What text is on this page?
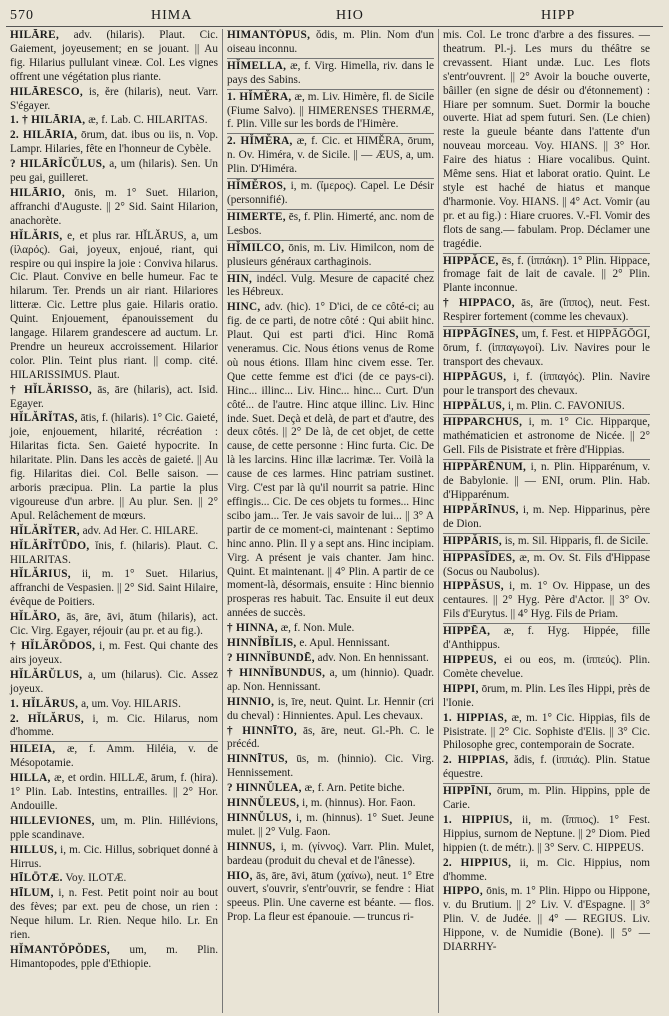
570	HIMA	HIO	HIPP

HILĀRE, adv. (hilaris). Plaut. Cic. Gaiement, joyeusement; en se jouant. || Au fig. Hilarius pullulant vineæ. Col. Les vignes offrent une végétation plus riante.

HILĀRESCO, is, ĕre (hilaris), neut. Varr. S'égayer.

1. † HILĀRIA, æ, f. Lab. C. HILARITAS.

2. HILĀRIA, ōrum, dat. ibus ou iis, n. Vop. Lampr. Hilaries, fête en l'honneur de Cybèle.

? HILĀRĬCŬLUS, a, um (hilaris). Sen. Un peu gai, guilleret.

HILĀRIO, ōnis, m. 1° Suet. Hilarion, affranchi d'Auguste. || 2° Sid. Saint Hilarion, anachorète.

HĬLĂRIS, e, et plus rar. HĬLĂRUS, a, um (ἱλαρός). Gai, joyeux, enjoué, riant, qui respire ou qui inspire la joie : Conviva hilarus. Cic. Plaut. Convive en belle humeur. Fac te hilarum. Ter. Prends un air riant. Hilariores litteræ. Cic. Lettre plus gaie. Hilaris oratio. Quint. Enjouement, épanouissement du langage. Hilarem grandescere ad auctum. Lr. Prendre un heureux accroissement. Hilarior color. Plin. Teint plus riant. || comp. cité. HILARISSIMUS. Plaut.

† HĬLĂRISSO, ās, āre (hilaris), act. Isid. Egayer.

HĬLĂRĬTAS, ātis, f. (hilaris). 1° Cic. Gaieté, joie, enjouement, hilarité, récréation : Hilaritas ficta. Sen. Gaieté hypocrite. In hilaritate. Plin. Dans les accès de gaieté. || Au fig. Hilaritas diei. Col. Belle saison. — arboris præcipua. Plin. La partie la plus vigoureuse d'un arbre. || Au plur. Sen. || 2° Apul. Relâchement de mœurs.

HĬLĂRĬTER, adv. Ad Her. C. HILARE.

HĬLĂRĬTŪDO, ĭnis, f. (hilaris). Plaut. C. HILARITAS.

HĬLĂRIUS, ii, m. 1° Suet. Hilarius, affranchi de Vespasien. || 2° Sid. Saint Hilaire, évêque de Poitiers.

HĬLĂRO, ās, āre, āvi, ātum (hilaris), act. Cic. Virg. Egayer, réjouir (au pr. et au fig.).

† HĬLĂRŌDOS, i, m. Fest. Qui chante des airs joyeux.

HĬLĂRŬLUS, a, um (hilarus). Cic. Assez joyeux.

1. HĬLĂRUS, a, um. Voy. HILARIS.

2. HĬLĂRUS, i, m. Cic. Hilarus, nom d'homme.

HILEIA, æ, f. Amm. Hiléia, v. de Mésopotamie.

HILLA, æ, et ordin. HILLÆ, ārum, f. (hira). 1° Plin. Lab. Intestins, entrailles. || 2° Hor. Andouille.

HILLEVIONES, um, m. Plin. Hillévions, pple scandinave.

HILLUS, i, m. Cic. Hillus, sobriquet donné à Hirrus.

HĪLŌTÆ. Voy. ILOTÆ.

HĪLUM, i, n. Fest. Petit point noir au bout des fèves; par ext. peu de chose, un rien : Neque hilum. Lr. Rien. Neque hilo. Lr. En rien.

HĬMANTŎPŎDES, um, m. Plin. Himantopodes, pple d'Ethiopie.

HIMANTŎPUS, ŏdis, m. Plin. Nom d'un oiseau inconnu.

HĬMELLA, æ, f. Virg. Himella, riv. dans le pays des Sabins.

1. HĬMĔRA, æ, m. Liv. Himère, fl. de Sicile (Fiume Salvo). || HIMERENSES THERMÆ, f. Plin. Ville sur les bords de l'Himère.

2. HĬMĔRA, æ, f. Cic. et HIMĔRA, ōrum, n. Ov. Himéra, v. de Sicile. || — ÆUS, a, um. Plin. D'Himéra.

HĬMĔROS, i, m. (ἵμερος). Capel. Le Désir (personnifié).

HIMERTE, ēs, f. Plin. Himerté, anc. nom de Lesbos.

HĬMILCO, ōnis, m. Liv. Himilcon, nom de plusieurs généraux carthaginois.

HIN, indécl. Vulg. Mesure de capacité chez les Hébreux.

HINC, adv. (hic). 1° D'ici, de ce côté-ci; au fig. de ce parti, de notre côté : Qui abiit hinc. Plaut. Qui est parti d'ici. Hinc Romā veneramus. Cic. Nous étions venus de Rome où nous étions. Illam hinc civem esse. Ter. Que cette femme est d'ici (de ce pays-ci). Hinc... illinc... Liv. Hinc... hinc... Curt. D'un côté... de l'autre. Hinc atque illinc. Liv. Hinc inde. Suet. Deçà et delà, de part et d'autre, des deux côtés. || 2° De là, de cet objet, de cette cause, de cette personne : Hinc furta. Cic. De là les larcins. Hinc illæ lacrimæ. Ter. Voilà la cause de ces larmes. Hinc patriam sustinet. Virg. C'est par là qu'il nourrit sa patrie. Hinc effingis... Cic. De ces objets tu formes... Hinc scibo jam... Ter. Je vais savoir de lui... || 3° A partir de ce moment-ci, maintenant : Septimo hinc anno. Plin. Il y a sept ans. Hinc incipiam. Virg. A présent je vais chanter. Jam hinc. Quint. Et maintenant. || 4° Plin. A partir de ce moment-là, désormais, ensuite : Hinc biennio prosperas res habuit. Tac. Ensuite il eut deux années de succès.

† HINNA, æ, f. Non. Mule.

HINNĬBĬLIS, e. Apul. Hennissant.

? HINNĬBUNDĒ, adv. Non. En hennissant.

† HINNĬBUNDUS, a, um (hinnio). Quadr. ap. Non. Hennissant.

HINNIO, is, īre, neut. Quint. Lr. Hennir (cri du cheval) : Hinnientes. Apul. Les chevaux.

† HINNĪTO, ās, āre, neut. Gl.-Ph. C. le précéd.

HINNĪTUS, ūs, m. (hinnio). Cic. Virg. Hennissement.

? HINNŬLEA, æ, f. Arn. Petite biche.

HINNŬLEUS, i, m. (hinnus). Hor. Faon.

HINNŬLUS, i, m. (hinnus). 1° Suet. Jeune mulet. || 2° Vulg. Faon.

HINNUS, i, m. (γίννος). Varr. Plin. Mulet, bardeau (produit du cheval et de l'ânesse).

HIO, ās, āre, āvi, ātum (χαίνω), neut. 1° Etre ouvert, s'ouvrir, s'entr'ouvrir, se fendre : Hiat speeus. Plin. Une caverne est béante. — flos. Prop. La fleur est épanouie. — truncus ri-

mis. Col. Le tronc d'arbre a des fissures. — theatrum. Pl.-j. Les murs du théâtre se crevassent. Hiant undæ. Luc. Les flots s'entr'ouvrent. || 2° Avoir la bouche ouverte, bâiller (en signe de désir ou d'étonnement) : Hiare per somnum. Suet. Dormir la bouche ouverte. Hiat ad spem futuri. Sen. (Le chien) reste la gueule béante dans l'attente d'un nouveau morceau. Voy. HIANS. || 3° Hor. Faire des hiatus : Hiare vocalibus. Quint. Même sens. Hiat et laborat oratio. Quint. Le style est haché de hiatus et manque d'harmonie. Voy. HIANS. || 4° Act. Vomir (au pr. et au fig.) : Hiare cruores. V.-Fl. Vomir des flots de sang.— fabulam. Prop. Déclamer une tragédie.

HIPPĂCE, ēs, f. (ἱππάκη). 1° Plin. Hippace, fromage fait de lait de cavale. || 2° Plin. Plante inconnue.

† HIPPACO, ās, āre (ἵππος), neut. Fest. Respirer fortement (comme les chevaux).

HIPPĀGĪNES, um, f. Fest. et HIPPĀGŌGI, ōrum, f. (ἱππαγωγοί). Liv. Navires pour le transport des chevaux.

HIPPĀGUS, i, f. (ἱππαγός). Plin. Navire pour le transport des chevaux.

HIPPĂLUS, i, m. Plin. C. FAVONIUS.

HIPPARCHUS, i, m. 1° Cic. Hipparque, mathématicien et astronome de Nicée. || 2° Gell. Fils de Pisistrate et frère d'Hippias.

HIPPĂRĒNUM, i, n. Plin. Hipparénum, v. de Babylonie. || — ENI, orum. Plin. Hab. d'Hipparénum.

HIPPĂRĪNUS, i, m. Nep. Hipparinus, père de Dion.

HIPPĂRIS, is, m. Sil. Hipparis, fl. de Sicile.

HIPPASĬDES, æ, m. Ov. St. Fils d'Hippase (Socus ou Naubolus).

HIPPĂSUS, i, m. 1° Ov. Hippase, un des centaures. || 2° Hyg. Père d'Actor. || 3° Ov. Fils d'Eurytus. || 4° Hyg. Fils de Priam.

HIPPĒA, æ, f. Hyg. Hippée, fille d'Anthippus.

HIPPEUS, ei ou eos, m. (ἱππεύς). Plin. Comète chevelue.

HIPPI, ōrum, m. Plin. Les îles Hippi, près de l'Ionie.

1. HIPPIAS, æ, m. 1° Cic. Hippias, fils de Pisistrate. || 2° Cic. Sophiste d'Elis. || 3° Cic. Philosophe grec, contemporain de Socrate.

2. HIPPIAS, ădis, f. (ἱππιάς). Plin. Statue équestre.

HIPPĪNI, ōrum, m. Plin. Hippins, pple de Carie.

1. HIPPIUS, ii, m. (ἵππιος). 1° Fest. Hippius, surnom de Neptune. || 2° Diom. Pied hippien (t. de métr.). || 3° Serv. C. HIPPEUS.

2. HIPPIUS, ii, m. Cic. Hippius, nom d'homme.

HIPPO, ōnis, m. 1° Plin. Hippo ou Hippone, v. du Brutium. || 2° Liv. V. d'Espagne. || 3° Plin. V. de Judée. || 4° — REGIUS. Liv. Hippone, v. de Numidie (Bone). || 5° — DIARRHY-
